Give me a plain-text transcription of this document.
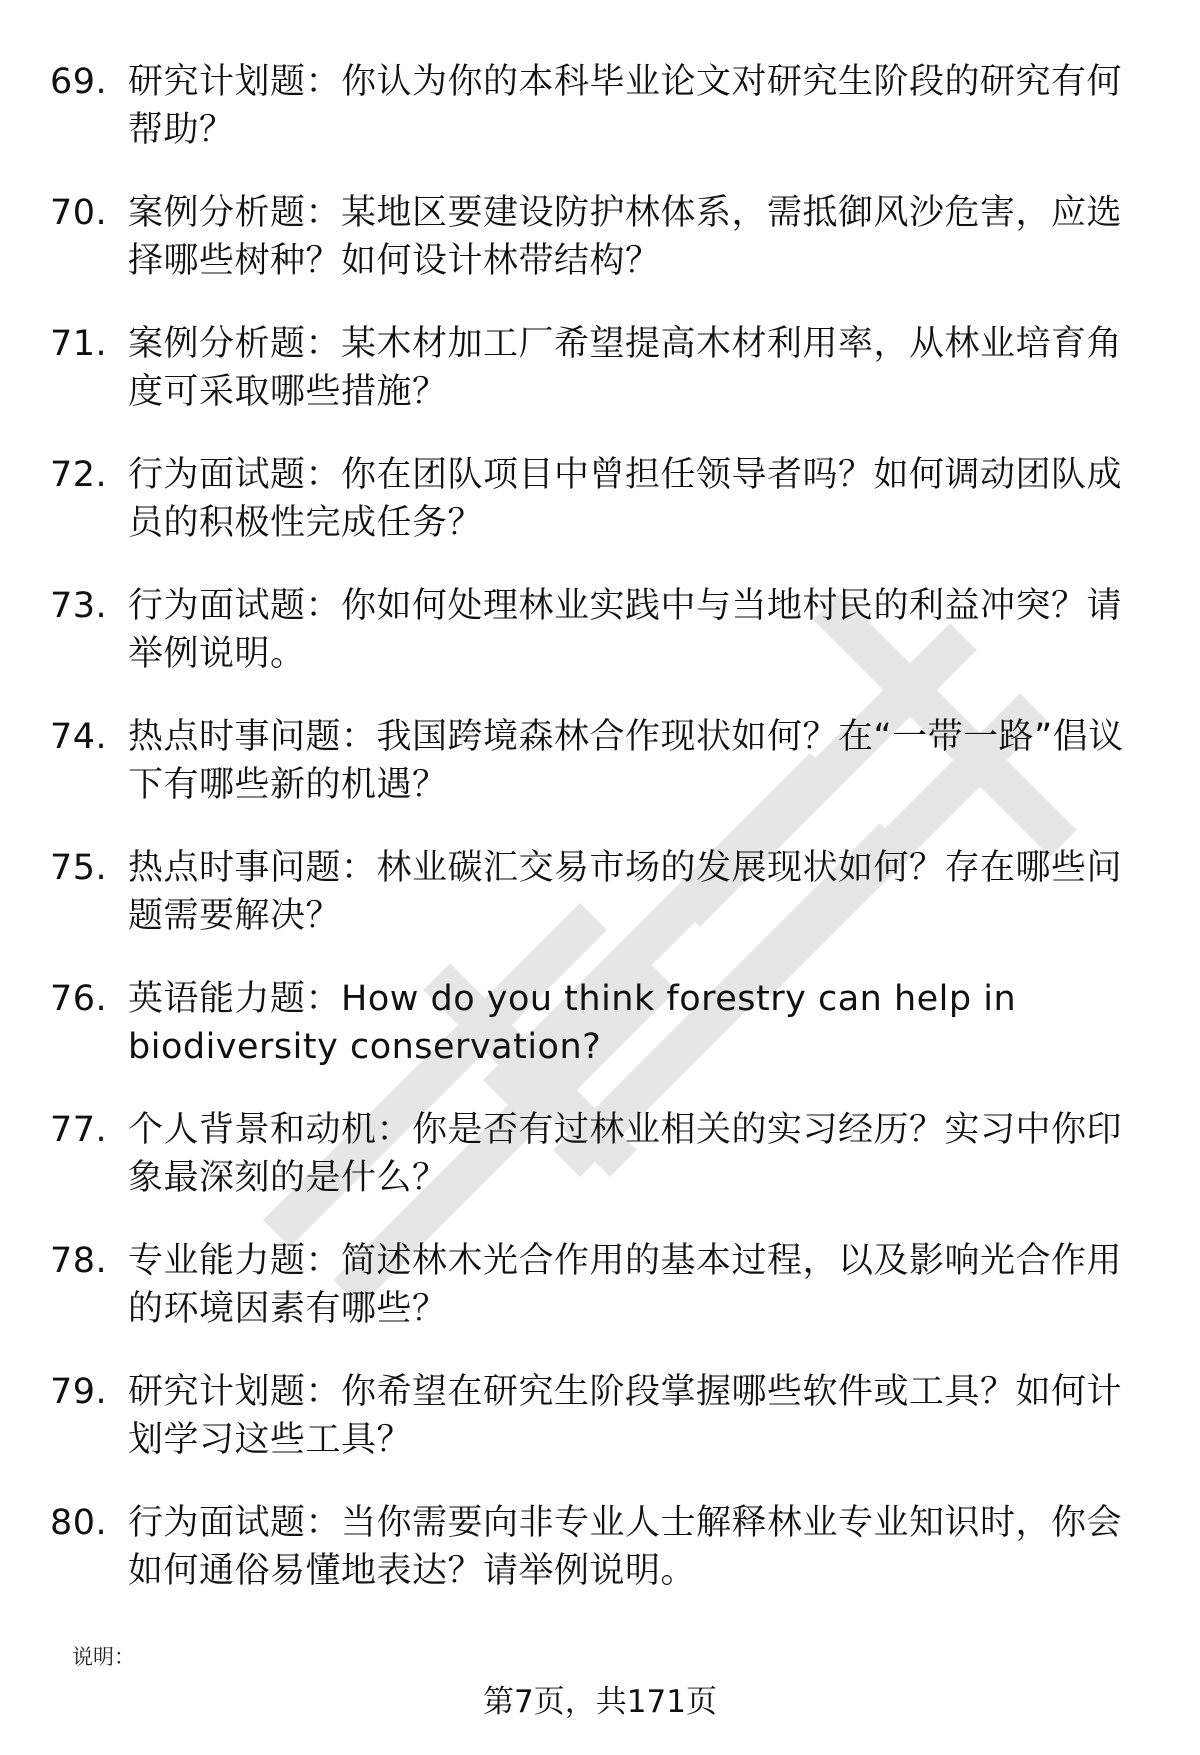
69. 研究计划题：你认为你的本科毕业论文对研究生阶段的研究有何帮助？
70. 案例分析题：某地区要建设防护林体系，需抵御风沙危害，应选择哪些树种？如何设计林带结构？
71. 案例分析题：某木材加工厂希望提高木材利用率，从林业培育角度可采取哪些措施？
72. 行为面试题：你在团队项目中曾担任领导者吗？如何调动团队成员的积极性完成任务？
73. 行为面试题：你如何处理林业实践中与当地村民的利益冲突？请举例说明。
74. 热点时事问题：我国跨境森林合作现状如何？在“一带一路”倡议下有哪些新的机遇？
75. 热点时事问题：林业碳汇交易市场的发展现状如何？存在哪些问题需要解决？
76. 英语能力题：How do you think forestry can help in biodiversity conservation?
77. 个人背景和动机：你是否有过林业相关的实习经历？实习中你印象最深刻的是什么？
78. 专业能力题：简述林木光合作用的基本过程，以及影响光合作用的环境因素有哪些？
79. 研究计划题：你希望在研究生阶段掌握哪些软件或工具？如何计划学习这些工具？
80. 行为面试题：当你需要向非专业人士解释林业专业知识时，你会如何通俗易懂地表达？请举例说明。
说明：
第7页，共171页
